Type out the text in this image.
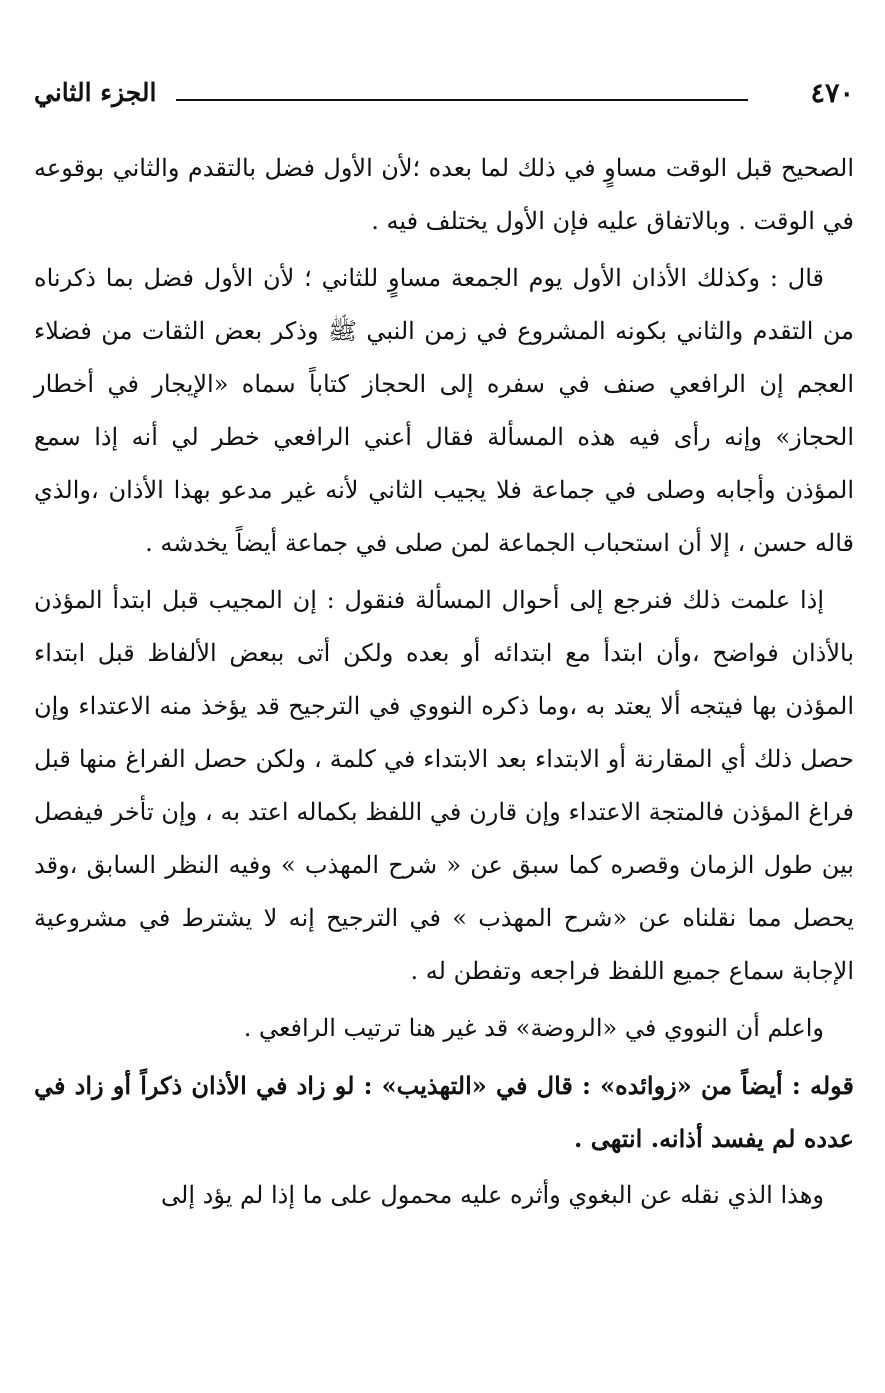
٤٧٠
الجزء الثاني

الصحيح قبل الوقت مساوٍ في ذلك لما بعده ؛لأن الأول فضل بالتقدم والثاني بوقوعه في الوقت . وبالاتفاق عليه فإن الأول يختلف فيه .

قال : وكذلك الأذان الأول يوم الجمعة مساوٍ للثاني ؛ لأن الأول فضل بما ذكرناه من التقدم والثاني بكونه المشروع في زمن النبي ﷺ وذكر بعض الثقات من فضلاء العجم إن الرافعي صنف في سفره إلى الحجاز كتاباً سماه «الإيجار في أخطار الحجاز» وإنه رأى فيه هذه المسألة فقال أعني الرافعي خطر لي أنه إذا سمع المؤذن وأجابه وصلى في جماعة فلا يجيب الثاني لأنه غير مدعو بهذا الأذان ،والذي قاله حسن ، إلا أن استحباب الجماعة لمن صلى في جماعة أيضاً يخدشه .

إذا علمت ذلك فنرجع إلى أحوال المسألة فنقول : إن المجيب قبل ابتدأ المؤذن بالأذان فواضح ،وأن ابتدأ مع ابتدائه أو بعده ولكن أتى ببعض الألفاظ قبل ابتداء المؤذن بها فيتجه ألا يعتد به ،وما ذكره النووي في الترجيح قد يؤخذ منه الاعتداء وإن حصل ذلك أي المقارنة أو الابتداء بعد الابتداء في كلمة ، ولكن حصل الفراغ منها قبل فراغ المؤذن فالمتجة الاعتداء وإن قارن في اللفظ بكماله اعتد به ، وإن تأخر فيفصل بين طول الزمان وقصره كما سبق عن « شرح المهذب » وفيه النظر السابق ،وقد يحصل مما نقلناه عن «شرح المهذب » في الترجيح إنه لا يشترط في مشروعية الإجابة سماع جميع اللفظ فراجعه وتفطن له .

واعلم أن النووي في «الروضة» قد غير هنا ترتيب الرافعي .

قوله : أيضاً من «زوائده» : قال في «التهذيب» : لو زاد في الأذان ذكراً أو زاد في عدده لم يفسد أذانه. انتهى .

وهذا الذي نقله عن البغوي وأثره عليه محمول على ما إذا لم يؤد إلى
